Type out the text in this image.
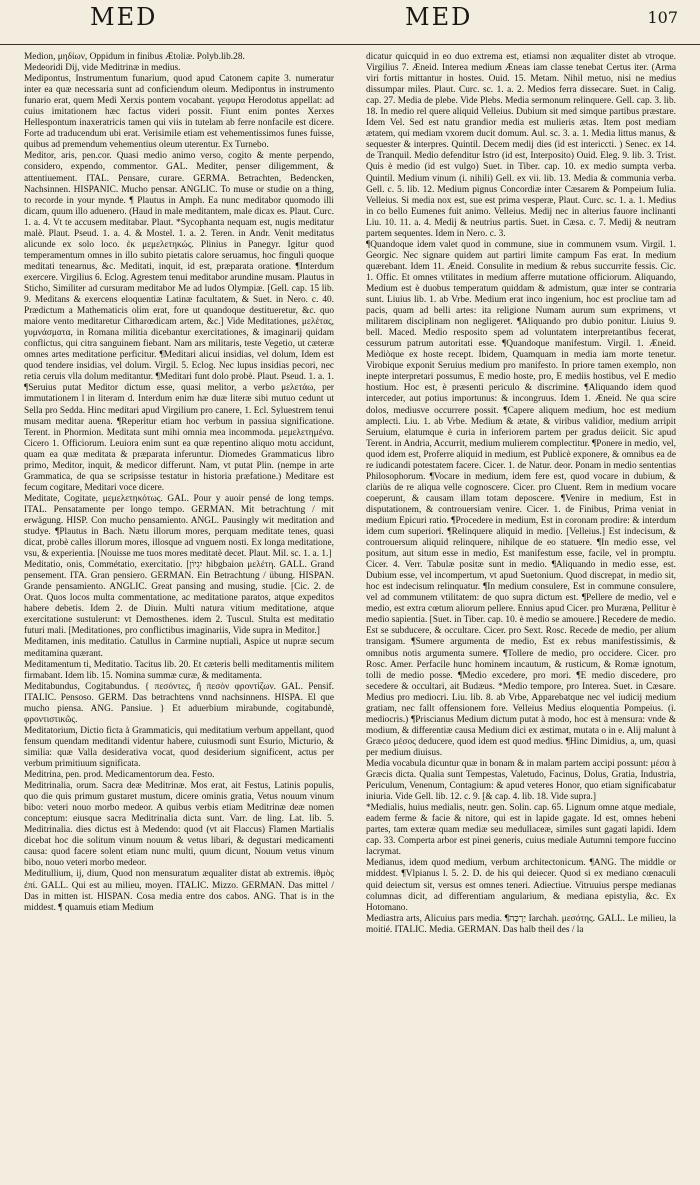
MED	MED	107

Medion, μηδίων, Oppidum in finibus Ætoliæ. Polyb.lib.28.

Medeoridi Dij, vide Meditrinæ in medius.

Medipontus, Instrumentum funarium, quod apud Catonem capite 3. numeratur inter ea quæ necessaria sunt ad conficiendum oleum. Medipontus in instrumento funario erat, quem Medi Xerxis pontem vocabant. γεφυρα Herodotus appellat: ad cuius imitationem hæc factus videri possit. Fiunt enim pontes Xerxes Hellespontum inaxeratricis tamen qui viis in tutelam ab ferre nonfacile est dicere. Forte ad traducendum ubi erat. Verisimile etiam est vehementissimos funes fuisse, quibus ad premendum vehementius oleum uterentur. Ex Turnebo.

Meditor, aris, pen.cor. Quasi medio animo verso, cogito & mente perpendo, considero, expendo, commentor. GAL. Mediter, penser diligemment, & attentiuement. ITAL. Pensare, curare. GERMA. Betrachten, Bedencken, Nachsinnen. HISPANIC. Mucho pensar. ANGLIC. To muse or studie on a thing, to recorde in your mynde. ¶ Plautus in Amph. Ea nunc meditabor quomodo illi dicam, quum illo aduenero. (Haud in male meditantem, male dicax es. Plaut. Curc. 1. a. 4. Vt te accusem meditabar. Plaut. *Sycophanta nequam est, nugis meditatur malè. Plaut. Pseud. 1. a. 4. & Mostel. 1. a. 2. Teren. in Andr. Venit meditatus alicunde ex solo loco. ἐκ μεμελετηκώς. Plinius in Panegyr. Igitur quod temperamentum omnes in illo subito pietatis calore seruamus, hoc finguli quoque meditati tenearnus, &c. Meditati, inquit, id est, præparata oratione. ¶Interdum exercere. Virgilius 6. Eclog. Agrestem tenui meditabor arundine musam. Plautus in Sticho, Similiter ad cursuram meditabor Me ad ludos Olympiæ. [Gell. cap. 15 lib. 9. Meditans & exercens eloquentiæ Latinæ facultatem, & Suet. in Nero. c. 40. Prædictum a Mathematicis olim erat, fore ut quandoque destitueretur, &c. quo maiore vento meditaretur Citharœdicam artem, &c.] Vide Meditationes, μελέτας, γυμνάσματα, in Romana militia dicebantur exercitationes, & imaginarij quidam conflictus, qui citra sanguinem fiebant. Nam ars militaris, teste Vegetio, ut cæteræ omnes artes meditatione perficitur. ¶Meditari alicui insidias, vel dolum, Idem est quod tendere insidias, vel dolum. Virgil. 5. Eclog. Nec lupus insidias pecori, nec retia ceruis vlla dolum meditantur. ¶Meditari funt dolo probè. Plaut. Pseud. 1. a. 1. ¶Seruius putat Meditor dictum esse, quasi melitor, a verbo μελετάω, per immutationem l in literam d. Interdum enim hæ duæ literæ sibi mutuo cedunt ut Sella pro Sedda. Hinc meditari apud Virgilium pro canere, 1. Ecl. Syluestrem tenui musam meditar auena. ¶Reperitur etiam hoc verbum in passiua significatione. Terent. in Phormion. Meditata sunt mihi omnia mea incommoda. μεμελετημένα. Cicero 1. Officiorum. Leuiora enim sunt ea quæ repentino aliquo motu accidunt, quam ea quæ meditata & præparata inferuntur. Diomedes Grammaticus libro primo, Meditor, inquit, & medicor differunt. Nam, vt putat Plin. (nempe in arte Grammatica, de qua se scripsisse testatur in historia præfatione.) Meditare est fecum cogitare, Meditari voce dicere.

Meditate, Cogitate, μεμελετηκότως. GAL. Pour y auoir pensé de long temps. ITAL. Pensatamente per longo tempo. GERMAN. Mit betrachtung / mit erwägung. HISP. Con mucho pensamiento. ANGL. Pausingly wit meditation and studye. ¶Plautus in Bach. Nætu illorum mores, perquam meditate tenes, quasi dicat, probè calles illorum mores, illosque ad vnguem nosti. Ex longa meditatione, vsu, & experientia. [Nouisse me tuos mores meditatè decet. Plaut. Mil. sc. 1. a. 1.]

Meditatio, onis, Commétatio, exercitatio. [יִגְיוֹן hibgbaion μελέτη. GALL. Grand pensement. ITA. Gran pensiero. GERMAN. Ein Betrachtung / übung. HISPAN. Grande pensamiento. ANGLIC. Great pansing and musing, studie. [Cic. 2. de Orat. Quos locos multa commentatione, ac meditatione paratos, atque expeditos habere debetis. Idem 2. de Diuin. Multi natura vitium meditatione, atque exercitatione sustulerunt: vt Demosthenes. idem 2. Tuscul. Stulta est meditatio futuri mali. [Meditationes, pro conflictibus imaginariis, Vide supra in Meditor.]

Meditamen, inis meditatio. Catullus in Carmine nuptiali, Aspice ut nupræ secum meditamina quærant.

Meditamentum ti, Meditatio. Tacitus lib. 20. Et cæteris belli meditamentis militem firmabant. Idem lib. 15. Nomina summæ curæ, & meditamenta.

Meditabundus, Cogitabundus. { πεσόντες, ἢ πεσὸν φροντίζων. GAL. Pensif. ITALIC. Pensoso. GERM. Das betrachtens vnnd nachsinnens. HISPA. El que mucho piensa. ANG. Pansiue. } Et aduerbium mirabunde, cogitabundè, φροντιστικῶς.

Meditatorium, Dictio ficta à Grammaticis, qui meditatium verbum appellant, quod fensum quendam meditandi videntur habere, cuiusmodi sunt Esurio, Micturio, & similia: quæ Valla desiderativa vocat, quod desiderium significent, actus per verbum primitiuum significata.

Meditrina, pen. prod. Medicamentorum dea. Festo.

Meditrinalia, orum. Sacra deæ Meditrinæ. Mos erat, ait Festus, Latinis populis, quo die quis primum gustaret mustum, dicere ominis gratia, Vetus nouum vinum bibo: veteri nouo morbo medeor. A quibus verbis etiam Meditrinæ deæ nomen conceptum: eiusque sacra Meditrinalia dicta sunt. Varr. de ling. Lat. lib. 5. Meditrinalia. dies dictus est à Medendo: quod (vt ait Flaccus) Flamen Martialis dicebat hoc die solitum vinum nouum & vetus libari, & degustari medicamenti causa: quod facere solent etiam nunc multi, quum dicunt, Nouum vetus vinum bibo, nouo veteri morbo medeor.

Meditullium, ij, dium, Quod non mensuratum æqualiter distat ab extremis. ἰθμὸς ἐπί. GALL. Qui est au milieu, moyen. ITALIC. Mizzo. GERMAN. Das mittel / Das in mitten ist. HISPAN. Cosa media entre dos cabos. ANG. That is in the middest. ¶ quamuis etiam Medium

dicatur quicquid in eo duo extrema est, etiamsi non æqualiter distet ab vtroque. Virgilius 7. Æneid. Interea medium Æneas iam classe tenebat Certus iter. (Arma viri fortis mittantur in hostes. Ouid. 15. Metam. Nihil metuo, nisi ne medius dissumpar miles. Plaut. Curc. sc. 1. a. 2. Medios ferra dissecare. Suet. in Calig. cap. 27. Media de plebe. Vide Plebs. Media sermonum relinquere. Gell. cap. 3. lib. 18. In medio rel quere aliquid Velleius. Dubium sit med simque partibus præstare. Idem Vel. Sed est natu grandior media est mulieris ætas. Item post mediam ætatem, qui mediam vxorem ducit domum. Aul. sc. 3. a. 1. Media littus manus, & sequester & interpres. Quintil. Decem medij dies (id est intericcti. ) Senec. ex 14. de Tranquil. Medio defenditur Istro (id est, Interposito) Ouid. Eleg. 9. lib. 3. Trist. Quis è medio (id est vulgo) Suet. in Tiber. cap. 10. ex medio sumpta verba. Quintil. Medium vinum (i. nihili) Gell. ex vii. lib. 13. Media & communia verba. Gell. c. 5. lib. 12. Medium pignus Concordiæ inter Cæsarem & Pompeium Iulia. Velleius. Si media nox est, sue est prima vesperæ, Plaut. Curc. sc. 1. a. 1. Medius in co bello Eumenes fuit animo. Velleius. Medij nec in alterius fauore inclinanti Liu. 10. 11. a. 4. Medij & neutrius partis. Suet. in Cæsa. c. 7. Medij & neutram partem sequentes. Idem in Nero. c. 3.

¶Quandoque idem valet quod in commune, siue in communem vsum. Virgil. 1. Georgic. Nec signare quidem aut partiri limite campum Fas erat. In medium quærebant. Idem 11. Æneid. Consulite in medium & rebus succurrite fessis. Cic. 1. Offic. Et omnes vtilitates in medium afferre mutatione officiorum. Aliquando, Medium est è duobus temperatum quiddam & admistum, quæ inter se contraria sunt. Liuius lib. 1. ab Vrbe. Medium erat inco ingenium, hoc est procliue tam ad pacis, quam ad belli artes: ita religione Numam aurum sum exprimens, vt militarem disciplinam non negligeret. ¶Aliquando pro dubio ponitur. Liuius 9. bell. Maced. Medio resposito spem ad voluntatem interpretantibus fecerat, cessurum patrum autoritati esse. ¶Quandoque manifestum. Virgil. 1. Æneid. Mediòque ex hoste recept. Ibidem, Quamquam in media iam morte tenetur. Virobique exponit Seruius medium pro manifesto. In priore tamen exemplo, non inepte interpretari possumus, E medio hoste, pro, E mediis hostibus, vel E medio hostium. Hoc est, è præsenti periculo & discrimine. ¶Aliquando idem quod interceder, aut potius importunus: & incongruus. Idem 1. Æneid. Ne qua scire dolos, mediusve occurrere possit. ¶Capere aliquem medium, hoc est medium amplecti. Liu. 1. ab Vrbe. Medium & ætate, & viribus validior, medium arripit Seruium, elatumque è curia in inferiorem partem per gradus deiicit. Sic apud Terent. in Andria, Accurrit, medium mulierem complectitur. ¶Ponere in medio, vel, quod idem est, Proferre aliquid in medium, est Publicè exponere, & omnibus ea de re iudicandi potestatem facere. Cicer. 1. de Natur. deor. Ponam in medio sententias Philosophorum. ¶Vocare in medium, idem fere est, quod vocare in dubium, & clariùs de re aliqua velle cognoscere. Cicer. pro Cluent. Rem in medium vocare coeperunt, & causam illam totam deposcere. ¶Venire in medium, Est in disputationem, & controuersiam venire. Cicer. 1. de Finibus, Prima veniat in medium Epicuri ratio. ¶Procedere in medium, Est in coronam prodire: & interdum idem cum superiori. ¶Relinquere aliquid in medio. [Velleius.] Est indecisum, & controuersum aliquid relinquere, nihilque de eo statuere. ¶In medio esse, vel positum, aut situm esse in medio, Est manifestum esse, facile, vel in promptu. Cicer. 4. Verr. Tabulæ positæ sunt in medio. ¶Aliquando in medio esse, est. Dubium esse, vel incompertum, vt apud Suetonium. Quod discrepat, in medio sit, hoc est indecisum relinquatur. ¶In medium consulere, Est in commune consulere, vel ad communem vtilitatem: de quo supra dictum est. ¶Pellere de medio, vel e medio, est extra cœtum aliorum pellere. Ennius apud Cicer. pro Muræna, Pellitur è medio sapientia. [Suet. in Tiber. cap. 10. è medio se amouere.] Recedere de medio. Est se subducere, & occultare. Cicer. pro Sext. Rosc. Recede de medio, per alium transigam. ¶Sumere argumenta de medio, Est ex rebus manifestissimis, & omnibus notis argumenta sumere. ¶Tollere de medio, pro occidere. Cicer. pro Rosc. Amer. Perfacile hunc hominem incautum, & rusticum, & Romæ ignotum, tolli de medio posse. ¶Medio excedere, pro mori. ¶E medio discedere, pro secedere & occultari, ait Budæus. *Medio tempore, pro Interea. Suet. in Cæsare. Medius pro mediocri. Liu. lib. 8. ab Vrbe, Apparebatque nec vel iudicij medium gratiam, nec fallt offensionem fore. Velleius Medius eloquentia Pompeius. (i. mediocris.) ¶Priscianus Medium dictum putat à modo, hoc est à mensura: vnde & modium, & differentiæ causa Medium dici ex æstimat, mutata o in e. Alij malunt à Græco μέσος deducere, quod idem est quod medius. ¶Hinc Dimidius, a, um, quasi per medium diuisus.

Media vocabula dicuntur quæ in bonam & in malam partem accipi possunt: μέσα à Græcis dicta. Qualia sunt Tempestas, Valetudo, Facinus, Dolus, Gratia, Industria, Periculum, Venenum, Contagium: & apud veteres Honor, quo etiam significabatur iniuria. Vide Gell. lib. 12. c. 9. [& cap. 4. lib. 18. Vide supra.]

*Medialis, huius medialis, neutr. gen. Solin. cap. 65. Lignum omne atque mediale, eadem ferme & facie & nitore, qui est in lapide gagate. Id est, omnes hebeni partes, tam exteræ quam mediæ seu medullaceæ, similes sunt gagati lapidi. Idem cap. 33. Comperta arbor est pinei generis, cuius mediale Autumni tempore fuccino lacrymat.

Medianus, idem quod medium, verbum architectonicum. ¶ANG. The middle or middest. ¶Vlpianus l. 5. 2. D. de his qui deiecer. Quod si ex mediano cœnaculi quid deiectum sit, versus est omnes teneri. Adiectiue. Vitruuius perspe medianas columnas dicit, ad differentiam angularium, & mediana epistylia, &c. Ex Hotomano.

Mediastra arts, Alicuius pars media. ¶יַרְכָּה Iarchah. μεσότης. GALL. Le milieu, la moitié. ITALIC. Media. GERMAN. Das halb theil des / la
